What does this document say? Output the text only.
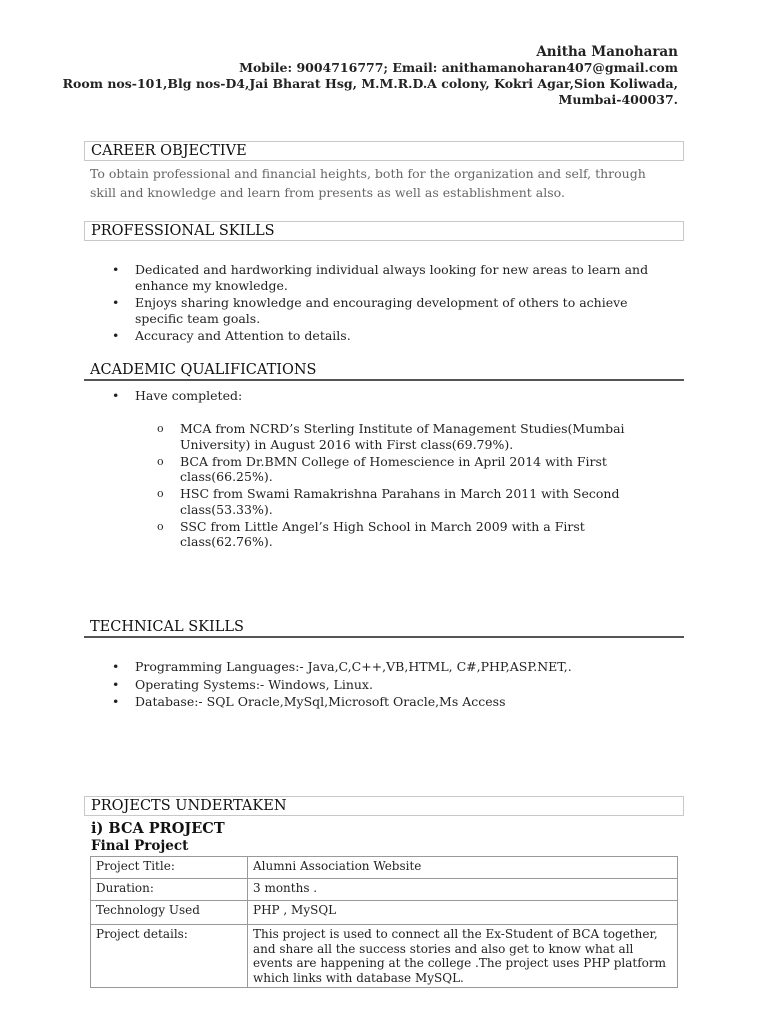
Anitha Manoharan
Mobile: 9004716777; Email: anithamanoharan407@gmail.com
Room nos-101,Blg nos-D4,Jai Bharat Hsg, M.M.R.D.A colony, Kokri Agar,Sion Koliwada,
Mumbai-400037.
CAREER OBJECTIVE
To obtain professional and financial heights, both for the organization and self, through skill and knowledge and learn from presents as well as establishment also.
PROFESSIONAL SKILLS
• Dedicated and hardworking individual always looking for new areas to learn and enhance my knowledge.
• Enjoys sharing knowledge and encouraging development of others to achieve specific team goals.
• Accuracy and Attention to details.
ACADEMIC QUALIFICATIONS
• Have completed:
o MCA from NCRD’s Sterling Institute of Management Studies(Mumbai University) in August 2016 with First class(69.79%).
o BCA from Dr.BMN College of Homescience in April 2014 with First class(66.25%).
o HSC from Swami Ramakrishna Parahans in March 2011 with Second class(53.33%).
o SSC from Little Angel’s High School in March 2009 with a First class(62.76%).
TECHNICAL SKILLS
• Programming Languages:- Java,C,C++,VB,HTML, C#,PHP,ASP.NET,.
• Operating Systems:- Windows, Linux.
• Database:- SQL Oracle,MySql,Microsoft Oracle,Ms Access
PROJECTS UNDERTAKEN
i) BCA PROJECT
Final Project
Project Title:	Alumni Association Website
Duration:	3 months .
Technology Used	PHP , MySQL
Project details:	This project is used to connect all the Ex-Student of BCA together, and share all the success stories and also get to know what all events are happening at the college .The project uses PHP platform which links with database MySQL.
